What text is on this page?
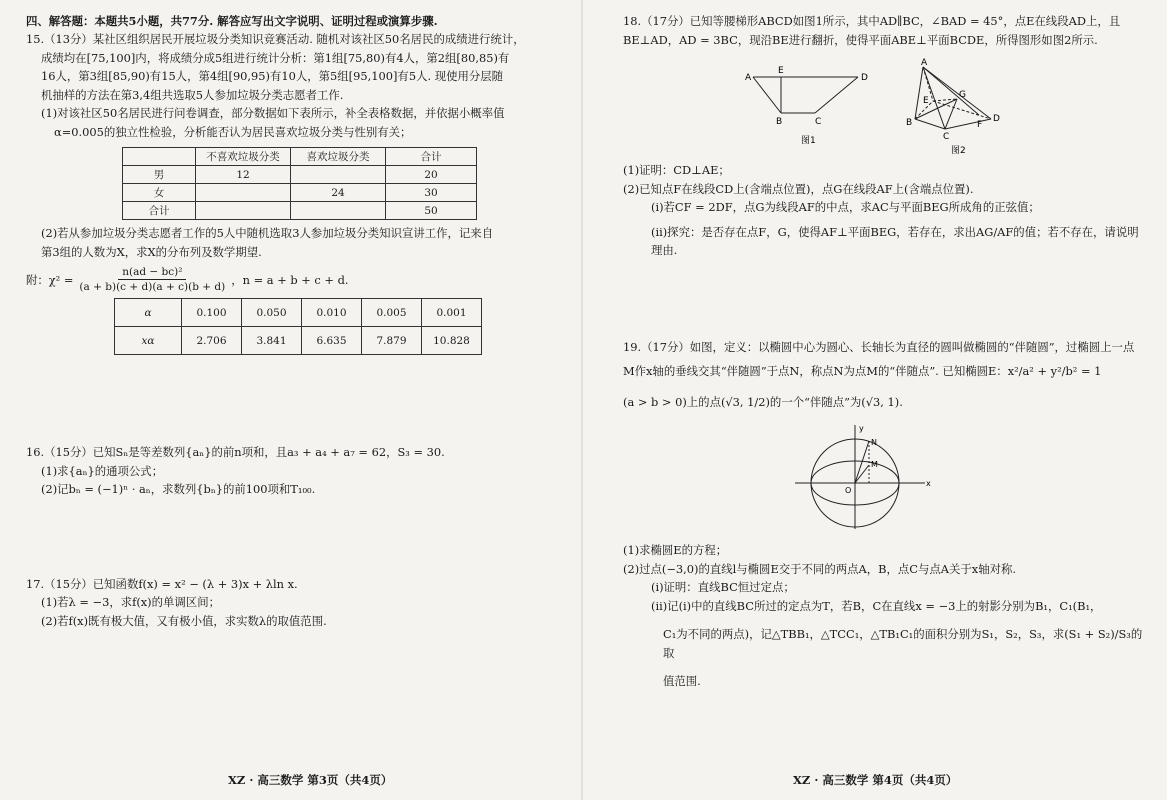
四、解答题：本题共5小题，共77分. 解答应写出文字说明、证明过程或演算步骤.

15.（13分）某社区组织居民开展垃圾分类知识竞赛活动. 随机对该社区50名居民的成绩进行统计，

成绩均在[75,100]内，将成绩分成5组进行统计分析：第1组[75,80)有4人，第2组[80,85)有

16人，第3组[85,90)有15人，第4组[90,95)有10人，第5组[95,100]有5人. 现使用分层随

机抽样的方法在第3,4组共选取5人参加垃圾分类志愿者工作.

(1)对该社区50名居民进行问卷调查，部分数据如下表所示，补全表格数据，并依据小概率值

α=0.005的独立性检验，分析能否认为居民喜欢垃圾分类与性别有关；

	不喜欢垃圾分类	喜欢垃圾分类	合计
男	12		20
女		24	30
合计			50

(2)若从参加垃圾分类志愿者工作的5人中随机选取3人参加垃圾分类知识宣讲工作，记来自

第3组的人数为X，求X的分布列及数学期望.

附：$\chi^2 = \frac{\text{n(ad − bc)²}}{(a + b)(c + d)(a + c)(b + d)}$ ，n = a + b + c + d.
α	0.100	0.050	0.010	0.005	0.001
xα	2.706	3.841	6.635	7.879	10.828

16.（15分）已知Sₙ是等差数列{aₙ}的前n项和，且a₃ + a₄ + a₇ = 62，S₃ = 30.

(1)求{aₙ}的通项公式；

(2)记bₙ = (−1)ⁿ · aₙ，求数列{bₙ}的前100项和T₁₀₀.

17.（15分）已知函数f(x) = x² − (λ + 3)x + λln x.

(1)若λ = −3，求f(x)的单调区间；

(2)若f(x)既有极大值，又有极小值，求实数λ的取值范围.

XZ · 高三数学 第3页（共4页）

18.（17分）已知等腰梯形ABCD如图1所示，其中AD∥BC，∠BAD = 45°，点E在线段AD上，且

BE⊥AD，AD = 3BC，现沿BE进行翻折，使得平面ABE⊥平面BCDE，所得图形如图2所示.

A
E
D
B	C
图1
A
E
G
D
B
C
F
图2

(1)证明：CD⊥AE；

(2)已知点F在线段CD上(含端点位置)，点G在线段AF上(含端点位置).

(i)若CF = 2DF，点G为线段AF的中点，求AC与平面BEG所成角的正弦值；

(ii)探究：是否存在点F，G，使得AF⊥平面BEG，若存在，求出AG/AF的值；若不存在，请说明理由.

19.（17分）如图，定义：以椭圆中心为圆心、长轴长为直径的圆叫做椭圆的“伴随圆”，过椭圆上一点

M作x轴的垂线交其“伴随圆”于点N，称点N为点M的“伴随点”. 已知椭圆E：x²/a² + y²/b² = 1

(a > b > 0)上的点(√3, 1/2)的一个“伴随点”为(√3, 1).

y
N
M
O
x

(1)求椭圆E的方程；

(2)过点(−3,0)的直线l与椭圆E交于不同的两点A，B，点C与点A关于x轴对称.

(i)证明：直线BC恒过定点；

(ii)记(i)中的直线BC所过的定点为T，若B，C在直线x = −3上的射影分别为B₁，C₁(B₁，

C₁为不同的两点)，记△TBB₁，△TCC₁，△TB₁C₁的面积分别为S₁，S₂，S₃，求(S₁ + S₂)/S₃的取

值范围.

XZ · 高三数学 第4页（共4页）
